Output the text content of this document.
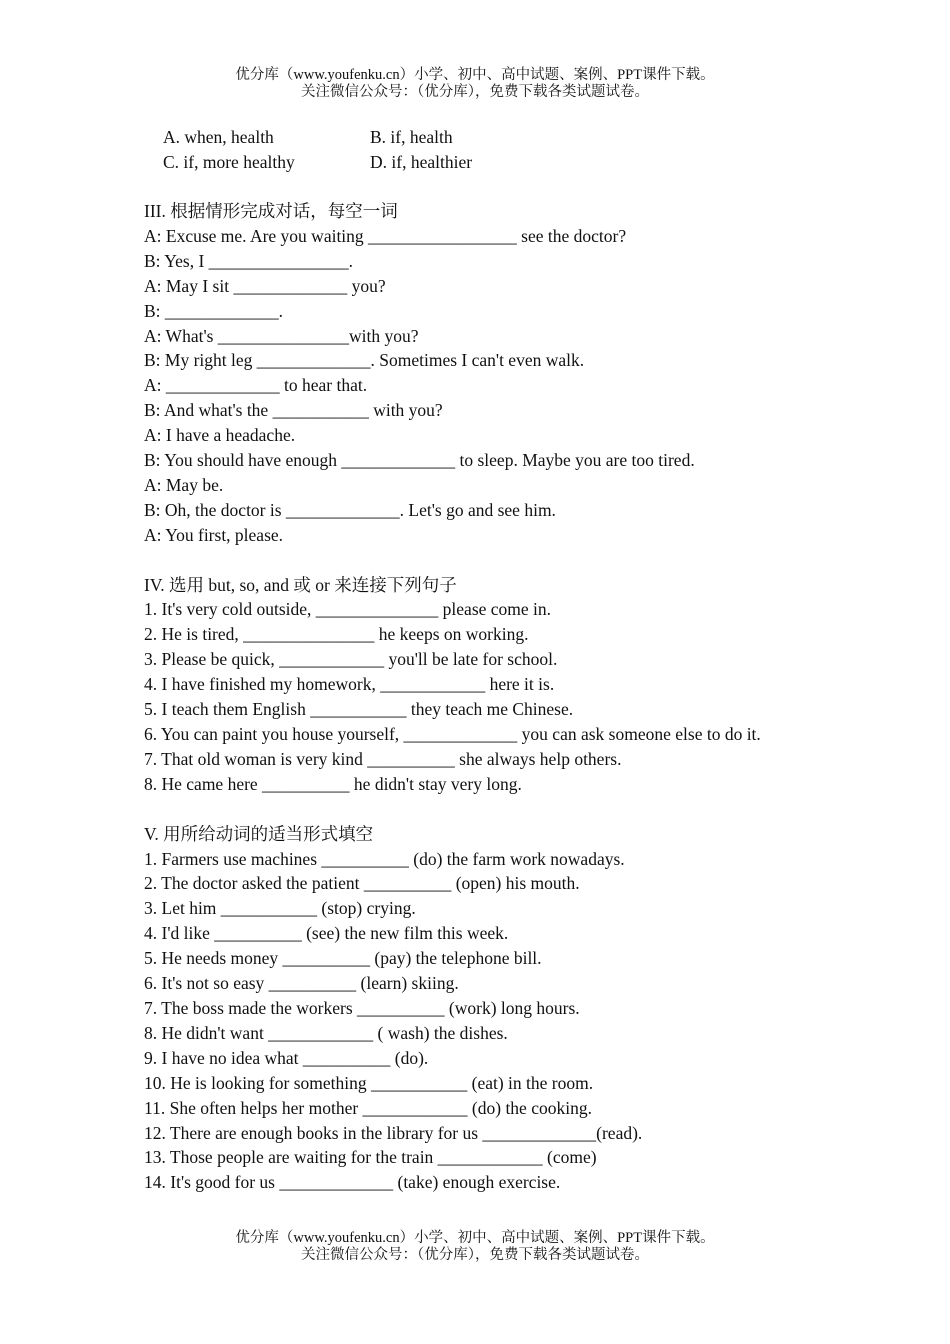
优分库（www.youfenku.cn）小学、初中、高中试题、案例、PPT课件下载。
关注微信公众号：（优分库），免费下载各类试题试卷。
A. when, health	B. if, health
C. if, more healthy	D. if, healthier
III. 根据情形完成对话，每空一词
A: Excuse me. Are you waiting _________________ see the doctor?
B: Yes, I ________________.
A: May I sit _____________ you?
B: _____________.
A: What's _______________with you?
B: My right leg _____________. Sometimes I can't even walk.
A: _____________ to hear that.
B: And what's the ___________ with you?
A: I have a headache.
B: You should have enough _____________ to sleep. Maybe you are too tired.
A: May be.
B: Oh, the doctor is _____________. Let's go and see him.
A: You first, please.
IV. 选用 but, so, and 或 or 来连接下列句子
1. It's very cold outside, ______________ please come in.
2. He is tired, _______________ he keeps on working.
3. Please be quick, ____________ you'll be late for school.
4. I have finished my homework, ____________ here it is.
5. I teach them English ___________ they teach me Chinese.
6. You can paint you house yourself, _____________ you can ask someone else to do it.
7. That old woman is very kind __________ she always help others.
8. He came here __________ he didn't stay very long.
V. 用所给动词的适当形式填空
1. Farmers use machines __________ (do) the farm work nowadays.
2. The doctor asked the patient __________ (open) his mouth.
3. Let him ___________ (stop) crying.
4. I'd like __________ (see) the new film this week.
5. He needs money __________ (pay) the telephone bill.
6. It's not so easy __________ (learn) skiing.
7. The boss made the workers __________ (work) long hours.
8. He didn't want ____________ ( wash) the dishes.
9. I have no idea what __________ (do).
10. He is looking for something ___________ (eat) in the room.
11. She often helps her mother ____________ (do) the cooking.
12. There are enough books in the library for us _____________(read).
13. Those people are waiting for the train ____________ (come)
14. It's good for us _____________ (take) enough exercise.
优分库（www.youfenku.cn）小学、初中、高中试题、案例、PPT课件下载。
关注微信公众号：（优分库），免费下载各类试题试卷。
